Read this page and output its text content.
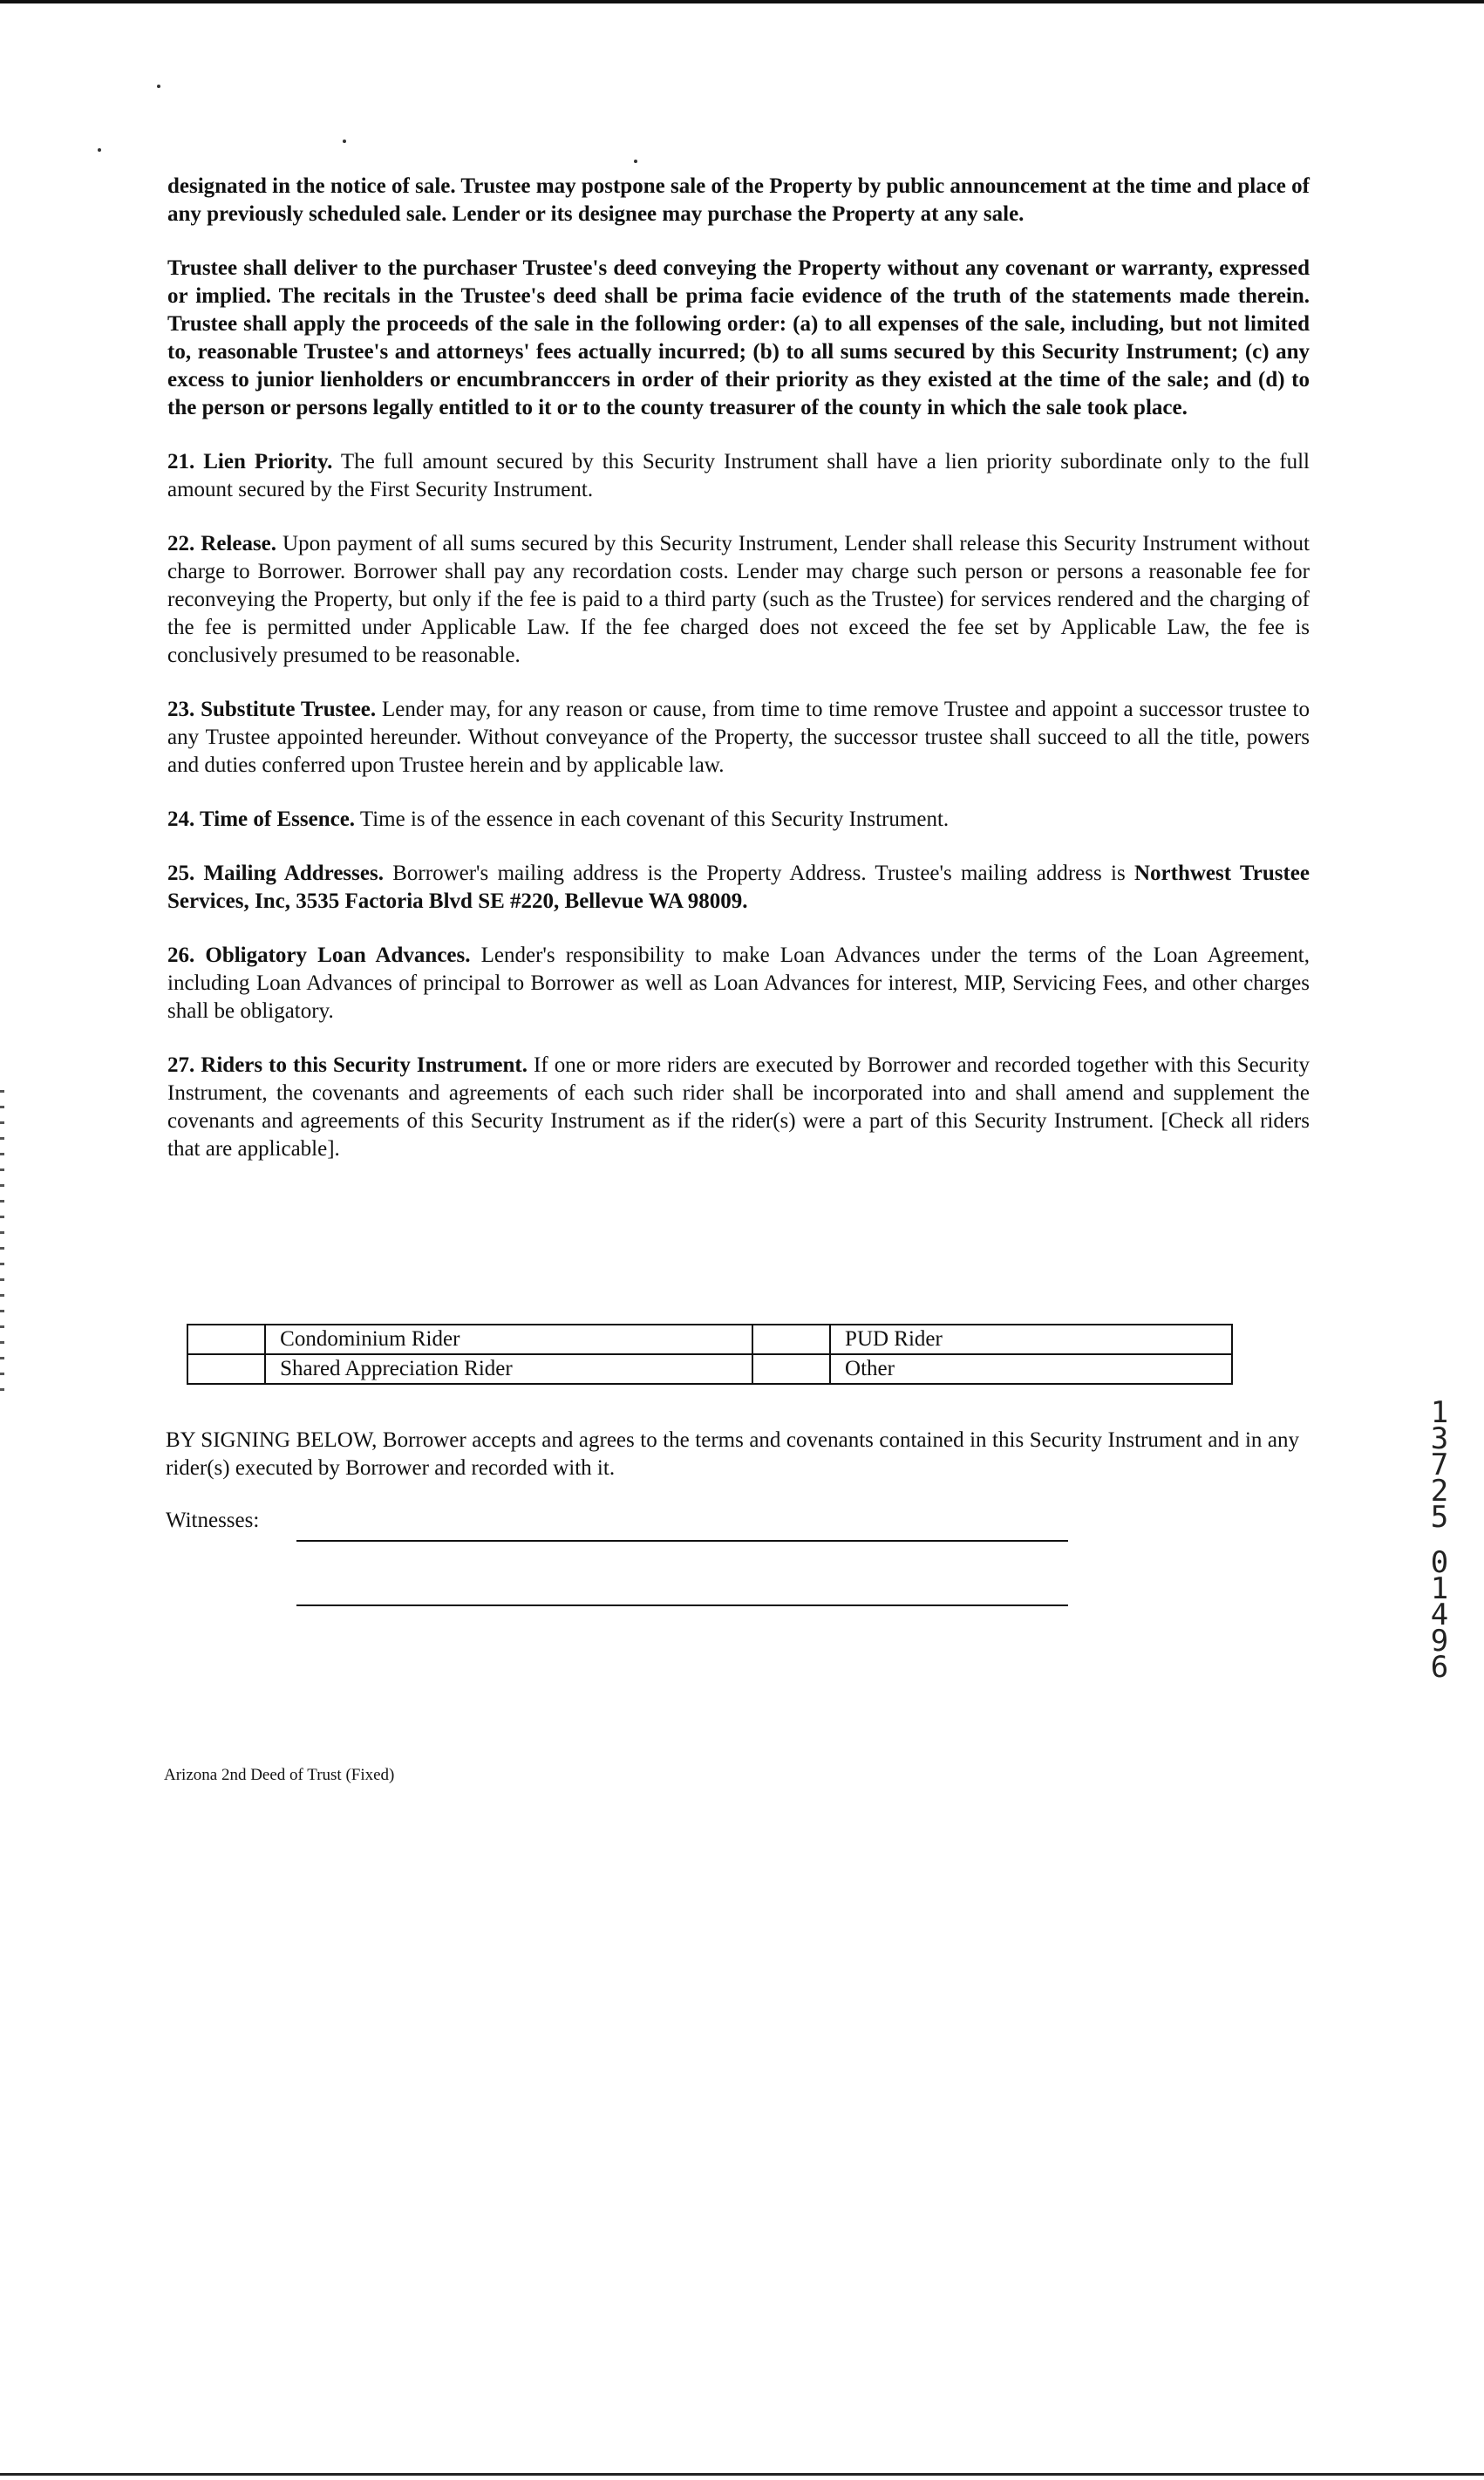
designated in the notice of sale. Trustee may postpone sale of the Property by public announcement at the time and place of any previously scheduled sale. Lender or its designee may purchase the Property at any sale.

Trustee shall deliver to the purchaser Trustee's deed conveying the Property without any covenant or warranty, expressed or implied. The recitals in the Trustee's deed shall be prima facie evidence of the truth of the statements made therein. Trustee shall apply the proceeds of the sale in the following order: (a) to all expenses of the sale, including, but not limited to, reasonable Trustee's and attorneys' fees actually incurred; (b) to all sums secured by this Security Instrument; (c) any excess to junior lienholders or encumbranccers in order of their priority as they existed at the time of the sale; and (d) to the person or persons legally entitled to it or to the county treasurer of the county in which the sale took place.

21. Lien Priority. The full amount secured by this Security Instrument shall have a lien priority subordinate only to the full amount secured by the First Security Instrument.

22. Release. Upon payment of all sums secured by this Security Instrument, Lender shall release this Security Instrument without charge to Borrower. Borrower shall pay any recordation costs. Lender may charge such person or persons a reasonable fee for reconveying the Property, but only if the fee is paid to a third party (such as the Trustee) for services rendered and the charging of the fee is permitted under Applicable Law. If the fee charged does not exceed the fee set by Applicable Law, the fee is conclusively presumed to be reasonable.

23. Substitute Trustee. Lender may, for any reason or cause, from time to time remove Trustee and appoint a successor trustee to any Trustee appointed hereunder. Without conveyance of the Property, the successor trustee shall succeed to all the title, powers and duties conferred upon Trustee herein and by applicable law.

24. Time of Essence. Time is of the essence in each covenant of this Security Instrument.

25. Mailing Addresses. Borrower's mailing address is the Property Address. Trustee's mailing address is Northwest Trustee Services, Inc, 3535 Factoria Blvd SE #220, Bellevue WA 98009.

26. Obligatory Loan Advances. Lender's responsibility to make Loan Advances under the terms of the Loan Agreement, including Loan Advances of principal to Borrower as well as Loan Advances for interest, MIP, Servicing Fees, and other charges shall be obligatory.

27. Riders to this Security Instrument. If one or more riders are executed by Borrower and recorded together with this Security Instrument, the covenants and agreements of each such rider shall be incorporated into and shall amend and supplement the covenants and agreements of this Security Instrument as if the rider(s) were a part of this Security Instrument. [Check all riders that are applicable].

	Condominium Rider		PUD Rider
	Shared Appreciation Rider		Other

BY SIGNING BELOW, Borrower accepts and agrees to the terms and covenants contained in this Security Instrument and in any rider(s) executed by Borrower and recorded with it.

Witnesses:
Arizona 2nd Deed of Trust (Fixed)
1
3
7
2
5
0
1
4
9
6
